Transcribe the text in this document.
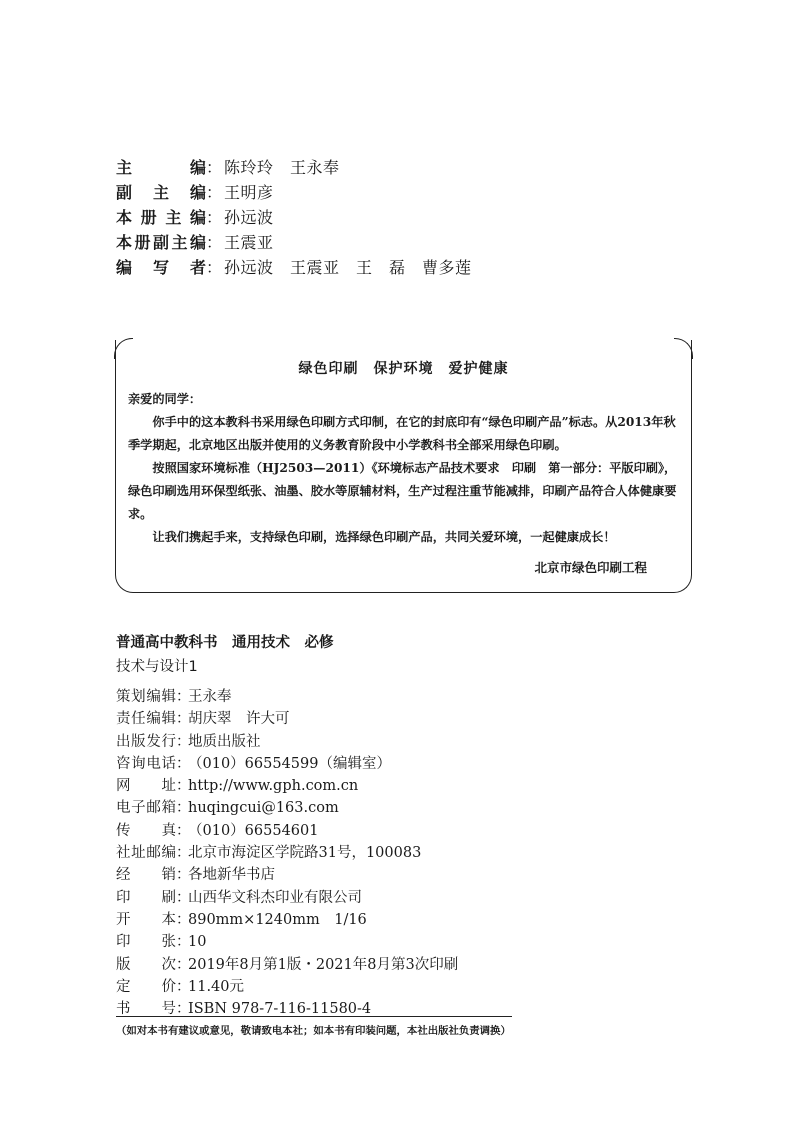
主编 ： 陈玲玲　王永奉
副主编 ： 王明彦
本册主编 ： 孙远波
本册副主编 ： 王震亚
编写者 ： 孙远波　王震亚　王　磊　曹多莲
绿色印刷　保护环境　爱护健康

亲爱的同学：

你手中的这本教科书采用绿色印刷方式印制，在它的封底印有“绿色印刷产品”标志。从2013年秋季学期起，北京地区出版并使用的义务教育阶段中小学教科书全部采用绿色印刷。

按照国家环境标准（HJ2503—2011）《环境标志产品技术要求　印刷　第一部分：平版印刷》，绿色印刷选用环保型纸张、油墨、胶水等原辅材料，生产过程注重节能减排，印刷产品符合人体健康要求。

让我们携起手来，支持绿色印刷，选择绿色印刷产品，共同关爱环境，一起健康成长！

北京市绿色印刷工程
普通高中教科书　通用技术　必修
技术与设计1
策划编辑 ：
王永奉
责任编辑 ：
胡庆翠　许大可
出版发行 ：
地质出版社
咨询电话 ：
（010）66554599（编辑室）
网址 ：
http://www.gph.com.cn
电子邮箱 ：
huqingcui@163.com
传真 ：
（010）66554601
社址邮编 ：
北京市海淀区学院路31号，100083
经销 ：
各地新华书店
印刷 ：
山西华文科杰印业有限公司
开本 ：
890mm×1240mm　1/16
印张 ：
10
版次 ：
2019年8月第1版・2021年8月第3次印刷
定价 ：
11.40元
书号 ：
ISBN 978-7-116-11580-4
（如对本书有建议或意见，敬请致电本社；如本书有印装问题，本社出版社负责调换）
